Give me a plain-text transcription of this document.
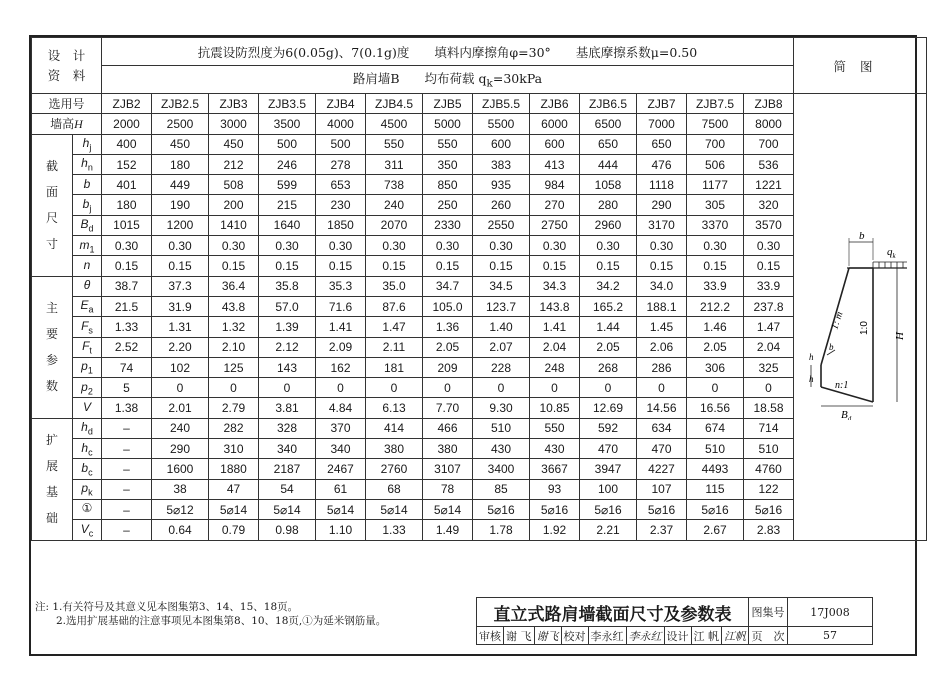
设　 计
资　 料		抗震设防烈度为6(0.05g)、7(0.1g)度　　填料内摩擦角φ=30°　　基底摩擦系数μ=0.50													简图
		路肩墙B　　均布荷载 $q_k=30kPa$													
选用号		ZJB2	ZJB2.5	ZJB3	ZJB3.5	ZJB4	ZJB4.5	ZJB5	ZJB5.5	ZJB6	ZJB6.5	ZJB7	ZJB7.5	ZJB8	
墙高H		2000	2500	3000	3500	4000	4500	5000	5500	6000	6500	7000	7500	8000	

截
面
尺
寸	$h_j$	400	450	450	500	500	550	550	600	600	650	650	700	700	
	$h_n$	152	180	212	246	278	311	350	383	413	444	476	506	536	
	b	401	449	508	599	653	738	850	935	984	1058	1118	1177	1221	
	$b_j$	180	190	200	215	230	240	250	260	270	280	290	305	320	
	$B_d$	1015	1200	1410	1640	1850	2070	2330	2550	2750	2960	3170	3370	3570	
	$m_1$	0.30	0.30	0.30	0.30	0.30	0.30	0.30	0.30	0.30	0.30	0.30	0.30	0.30	
	n	0.15	0.15	0.15	0.15	0.15	0.15	0.15	0.15	0.15	0.15	0.15	0.15	0.15	

主
要
参
数	θ	38.7	37.3	36.4	35.8	35.3	35.0	34.7	34.5	34.3	34.2	34.0	33.9	33.9	
	$E_a$	21.5	31.9	43.8	57.0	71.6	87.6	105.0	123.7	143.8	165.2	188.1	212.2	237.8	
	$F_s$	1.33	1.31	1.32	1.39	1.41	1.47	1.36	1.40	1.41	1.44	1.45	1.46	1.47	
	$F_t$	2.52	2.20	2.10	2.12	2.09	2.11	2.05	2.07	2.04	2.05	2.06	2.05	2.04	
	$p_1$	74	102	125	143	162	181	209	228	248	268	286	306	325	
	$p_2$	5	0	0	0	0	0	0	0	0	0	0	0	0	
	V	1.38	2.01	2.79	3.81	4.84	6.13	7.70	9.30	10.85	12.69	14.56	16.56	18.58	

扩
展
基
础	$h_d$	–	240	282	328	370	414	466	510	550	592	634	674	714	
	$h_c$	–	290	310	340	340	380	380	430	430	470	470	510	510	
	$b_c$	–	1600	1880	2187	2467	2760	3107	3400	3667	3947	4227	4493	4760	
	$p_k$	–	38	47	54	61	68	78	85	93	100	107	115	122	
	①	–	5⌀12	5⌀14	5⌀14	5⌀14	5⌀14	5⌀14	5⌀16	5⌀16	5⌀16	5⌀16	5⌀16	5⌀16	
	$V_c$	–	0.64	0.79	0.98	1.10	1.33	1.49	1.78	1.92	2.21	2.37	2.67	2.83	

b
$q_k$
1: m 1:0
H
b
h
h
n:1
$B_d$
注: 1.有关符号及其意义见本图集第3、14、15、18页。
　　2.选用扩展基础的注意事项见本图集第8、10、18页,①为延米钢筋量。	直立式路肩墙截面尺寸及参数表									图集号	17J008
审核	谢 飞	谢飞	校对	李永红	李永红	设计	江 帆	江帆	页　次	57
